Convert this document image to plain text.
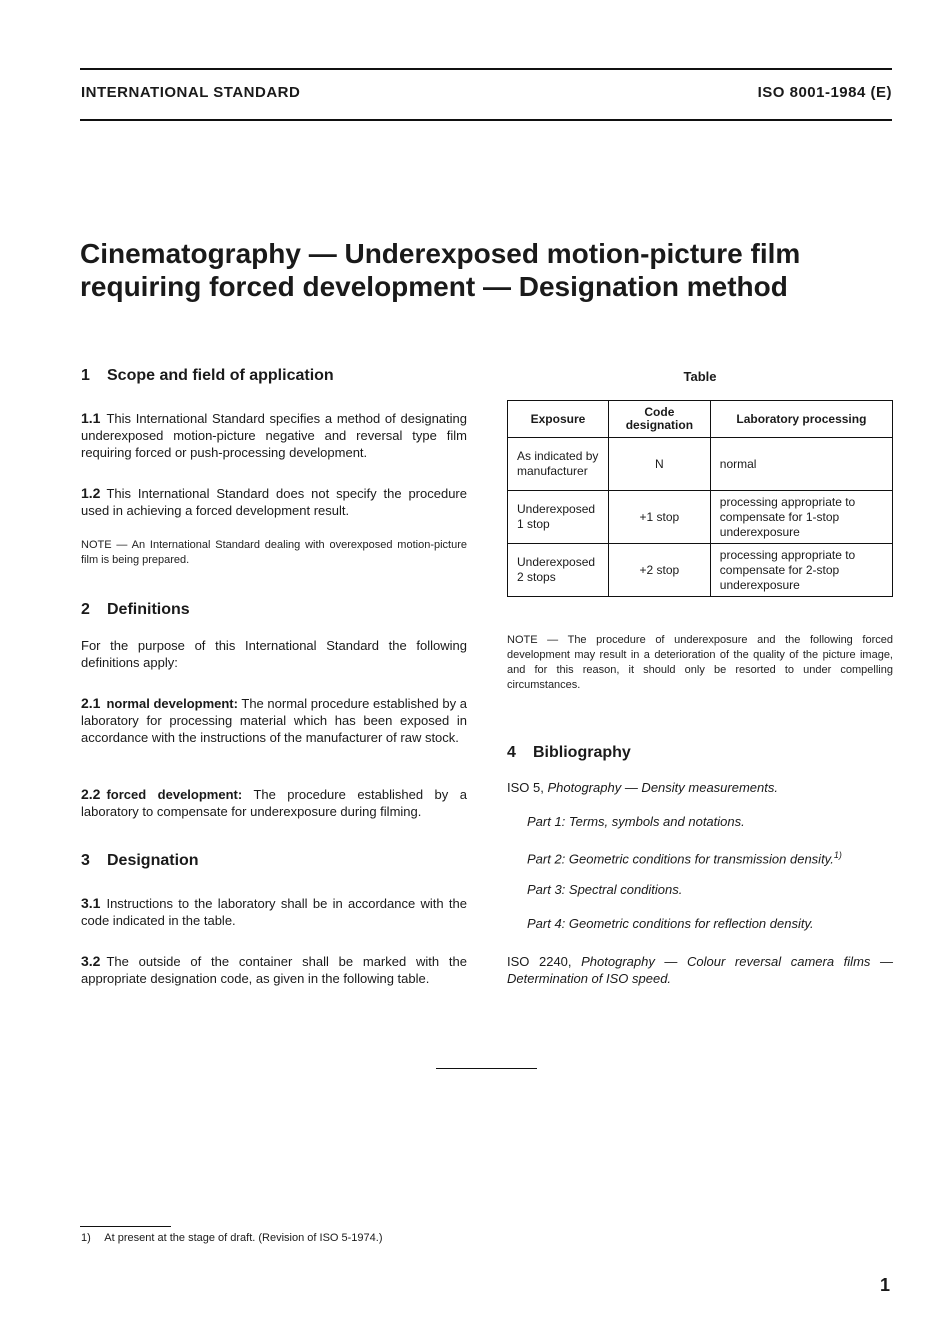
INTERNATIONAL STANDARD	ISO 8001-1984 (E)
Cinematography — Underexposed motion-picture film
requiring forced development — Designation method
1 Scope and field of application
1.1 This International Standard specifies a method of designating underexposed motion-picture negative and reversal type film requiring forced or push-processing development.
1.2 This International Standard does not specify the procedure used in achieving a forced development result.
NOTE — An International Standard dealing with overexposed motion-picture film is being prepared.
2 Definitions
For the purpose of this International Standard the following definitions apply:
2.1 normal development: The normal procedure established by a laboratory for processing material which has been exposed in accordance with the instructions of the manufacturer of raw stock.
2.2 forced development: The procedure established by a laboratory to compensate for underexposure during filming.
3 Designation
3.1 Instructions to the laboratory shall be in accordance with the code indicated in the table.
3.2 The outside of the container shall be marked with the appropriate designation code, as given in the following table.
Table
Exposure	Code designation	Laboratory processing
As indicated by manufacturer	N	normal
Underexposed 1 stop	+1 stop	processing appropriate to compensate for 1-stop underexposure
Underexposed 2 stops	+2 stop	processing appropriate to compensate for 2-stop underexposure
NOTE — The procedure of underexposure and the following forced development may result in a deterioration of the quality of the picture image, and for this reason, it should only be resorted to under compelling circumstances.
4 Bibliography
ISO 5, Photography — Density measurements.
Part 1: Terms, symbols and notations.
Part 2: Geometric conditions for transmission density.$^{1)}$
Part 3: Spectral conditions.
Part 4: Geometric conditions for reflection density.
ISO 2240, Photography — Colour reversal camera films — Determination of ISO speed.
1) At present at the stage of draft. (Revision of ISO 5-1974.)
1
